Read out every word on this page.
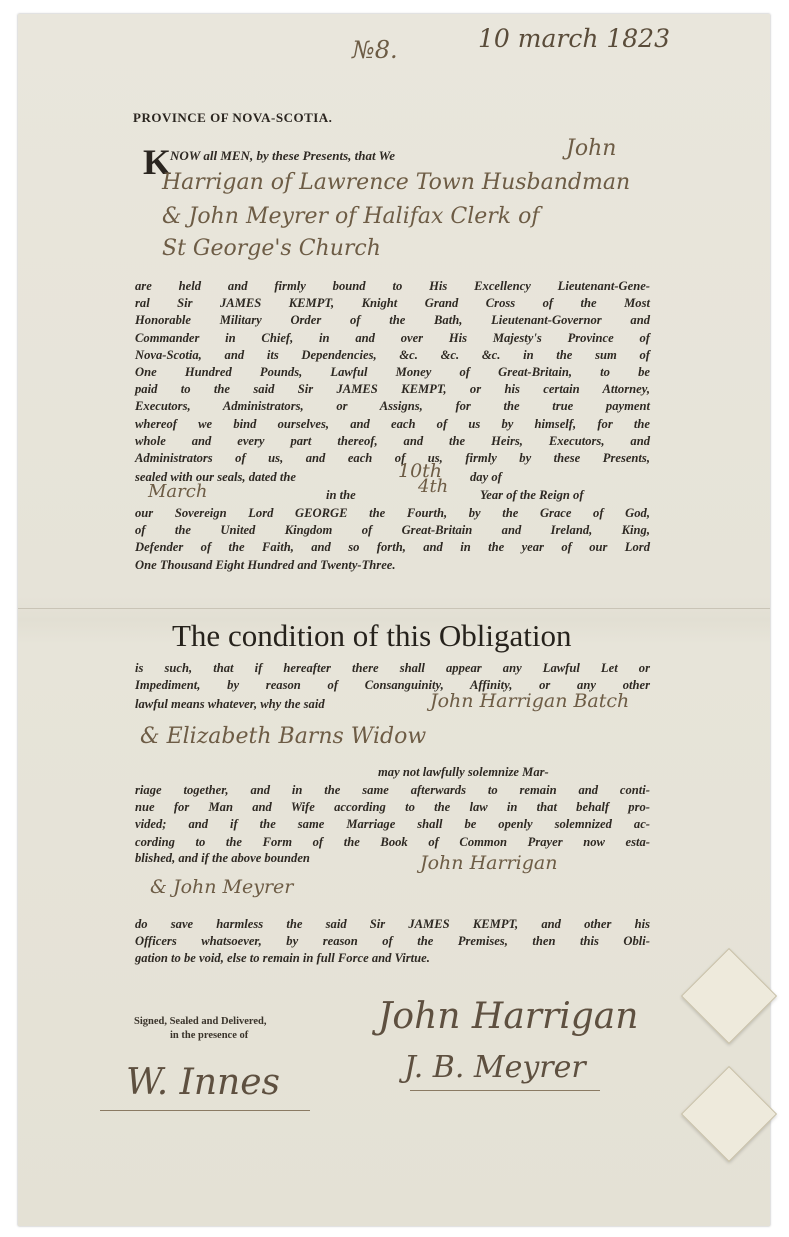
№8.	10 march 1823
PROVINCE OF NOVA-SCOTIA.
K
NOW all MEN, by these Presents, that We	John
Harrigan of Lawrence Town Husbandman
& John Meyrer of Halifax Clerk of
St George's Church
are held and firmly bound to His Excellency Lieutenant-Gene-
ral Sir JAMES KEMPT, Knight Grand Cross of the Most
Honorable Military Order of the Bath, Lieutenant-Governor and
Commander in Chief, in and over His Majesty's Province of
Nova-Scotia, and its Dependencies, &c. &c. &c. in the sum of
One Hundred Pounds, Lawful Money of Great-Britain, to be
paid to the said Sir JAMES KEMPT, or his certain Attorney,
Executors, Administrators, or Assigns, for the true payment
whereof we bind ourselves, and each of us by himself, for the
whole and every part thereof, and the Heirs, Executors, and
Administrators of us, and each of us, firmly by these Presents,
sealed with our seals, dated the	10th day of
March	in the	4th	Year of the Reign of
our Sovereign Lord GEORGE the Fourth, by the Grace of God,
of the United Kingdom of Great-Britain and Ireland, King,
Defender of the Faith, and so forth, and in the year of our Lord
One Thousand Eight Hundred and Twenty-Three.
The condition of this Obligation
is such, that if hereafter there shall appear any Lawful Let or
Impediment, by reason of Consanguinity, Affinity, or any other
lawful means whatever, why the said	John Harrigan Batch
& Elizabeth Barns Widow
may not lawfully solemnize Mar-
riage together, and in the same afterwards to remain and conti-
nue for Man and Wife according to the law in that behalf pro-
vided; and if the same Marriage shall be openly solemnized ac-
cording to the Form of the Book of Common Prayer now esta-
blished, and if the above bounden	John Harrigan
& John Meyrer
do save harmless the said Sir JAMES KEMPT, and other his
Officers whatsoever, by reason of the Premises, then this Obli-
gation to be void, else to remain in full Force and Virtue.
Signed, Sealed and Delivered,
in the presence of
W. Innes
John Harrigan
J. B. Meyrer
